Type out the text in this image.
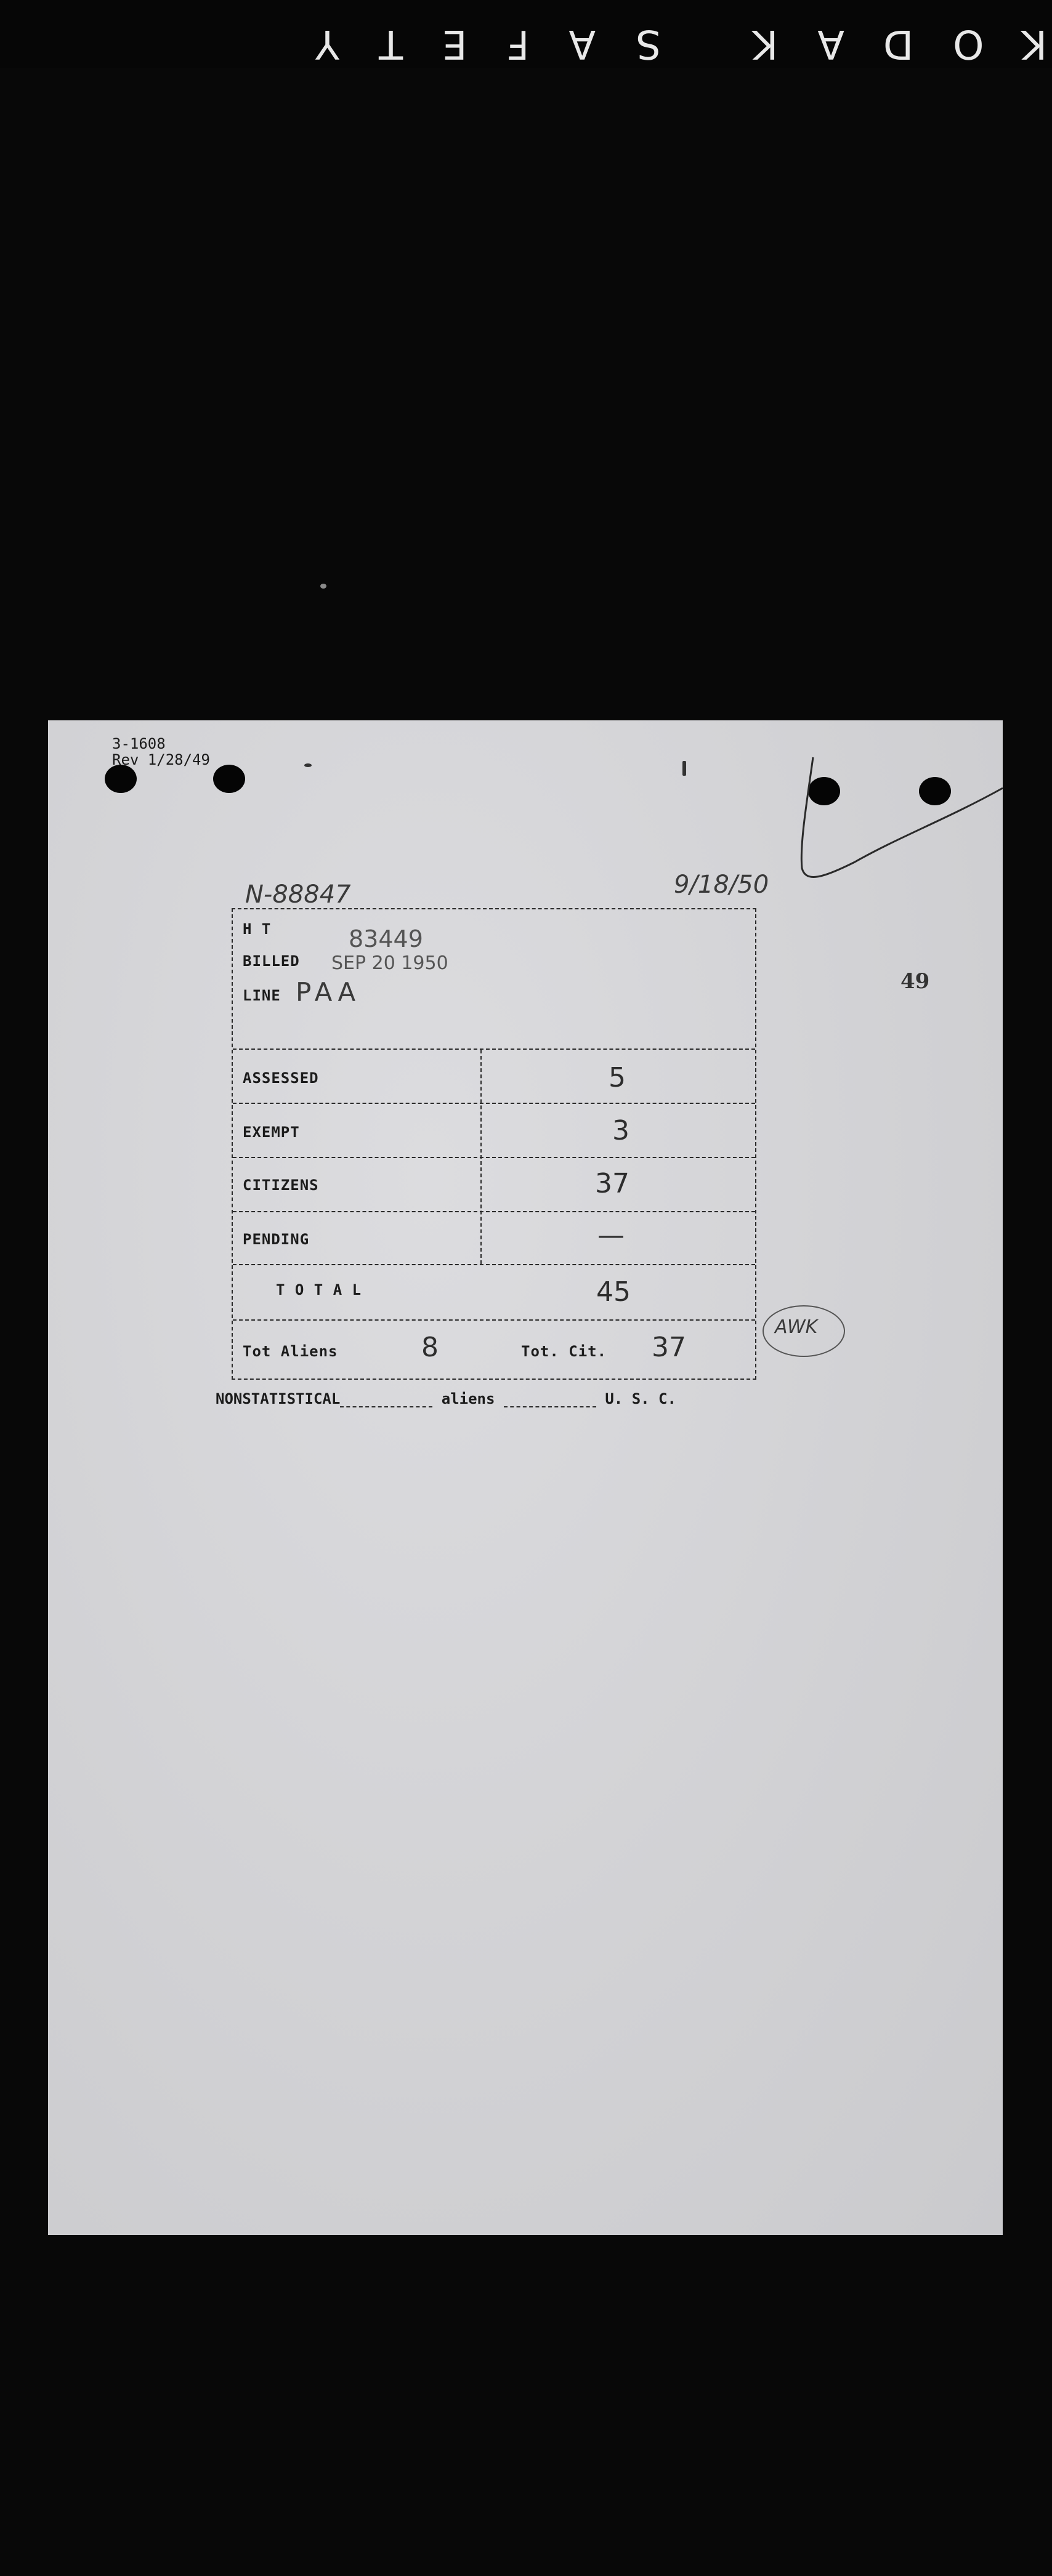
KODAK SAFETY
3-1608
Rev 1/28/49
N-88847	9/18/50
49
H T	83449
BILLED SEP 20 1950
LINE PAA
ASSESSED	5
EXEMPT	3
CITIZENS	37
PENDING	—
T O T A L	45
Tot Aliens	8	Tot. Cit. 37
AWK
NONSTATISTICAL	aliens	U. S. C.
